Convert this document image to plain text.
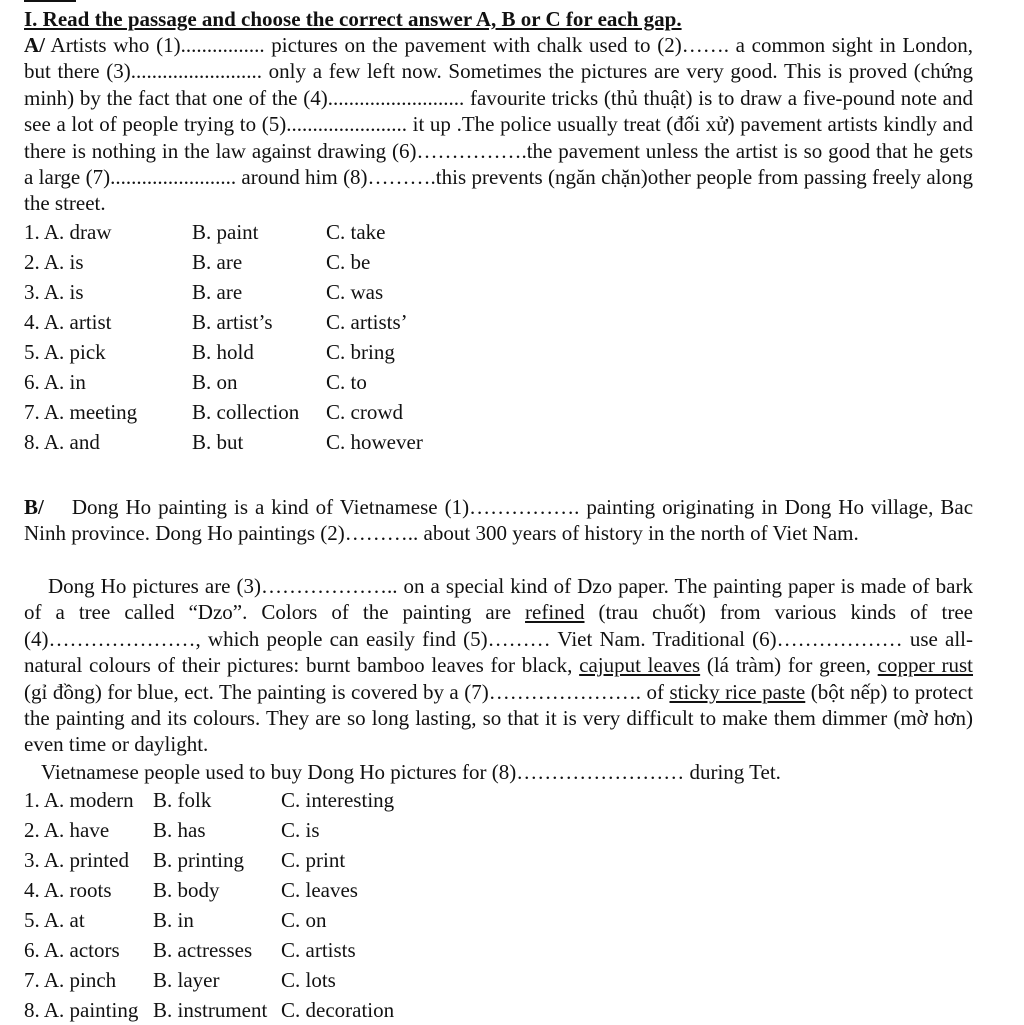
I. Read the passage and choose the correct answer A, B or C for each gap.
A/ Artists who (1)................ pictures on the pavement with chalk used to (2)……. a common sight in London, but there (3)......................... only a few left now. Sometimes the pictures are very good. This is proved (chứng minh) by the fact that one of the (4).......................... favourite tricks (thủ thuật) is to draw a five-pound note and see a lot of people trying to (5)....................... it up .The police usually treat (đối xử) pavement artists kindly and there is nothing in the law against drawing (6)…………….the pavement unless the artist is so good that he gets a large (7)........................ around him (8)……….this prevents (ngăn chặn)other people from passing freely along the street.
1. A. draw	B. paint	C. take
2. A. is	B. are	C. be
3. A. is	B. are	C. was
4. A. artist	B. artist’s	C. artists’
5. A. pick	B. hold	C. bring
6. A. in	B. on	C. to
7. A. meeting	B. collection	C. crowd
8. A. and	B. but	C. however
B/ Dong Ho painting is a kind of Vietnamese (1)……………. painting originating in Dong Ho village, Bac Ninh province. Dong Ho paintings (2)……….. about 300 years of history in the north of Viet Nam.
Dong Ho pictures are (3)……………….. on a special kind of Dzo paper. The painting paper is made of bark of a tree called “Dzo”. Colors of the painting are refined (trau chuốt) from various kinds of tree (4)…………………, which people can easily find (5)……… Viet Nam. Traditional (6)……………… use all-natural colours of their pictures: burnt bamboo leaves for black, cajuput leaves (lá tràm) for green, copper rust (gỉ đồng) for blue, ect. The painting is covered by a (7)…………………. of sticky rice paste (bột nếp) to protect the painting and its colours. They are so long lasting, so that it is very difficult to make them dimmer (mờ hơn) even time or daylight.
Vietnamese people used to buy Dong Ho pictures for (8)…………………… during Tet.
1. A. modern	B. folk	C. interesting
2. A. have	B. has	C. is
3. A. printed	B. printing	C. print
4. A. roots	B. body	C. leaves
5. A. at	B. in	C. on
6. A. actors	B. actresses	C. artists
7. A. pinch	B. layer	C. lots
8. A. painting	B. instrument	C. decoration
